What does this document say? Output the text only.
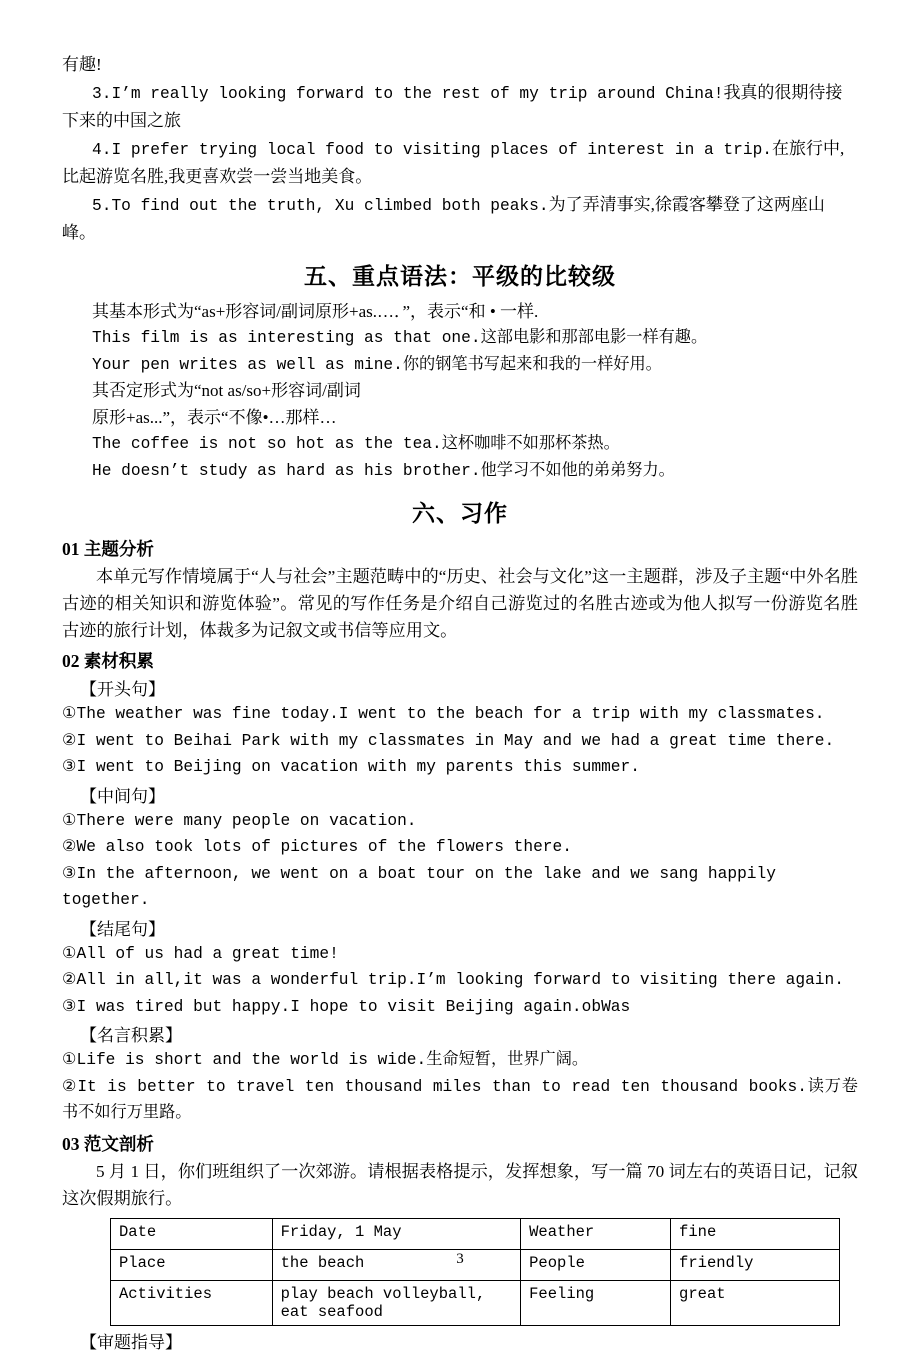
有趣!

3.I’m really looking forward to the rest of my trip around China!我真的很期待接下来的中国之旅

4.I prefer trying local food to visiting places of interest in a trip.在旅行中,比起游览名胜,我更喜欢尝一尝当地美食。

5.To find out the truth, Xu climbed both peaks.为了弄清事实,徐霞客攀登了这两座山峰。

五、重点语法：平级的比较级

其基本形式为“as+形容词/副词原形+as.…．”，表示“和 • 一样.

This film is as interesting as that one.这部电影和那部电影一样有趣。

Your pen writes as well as mine.你的钢笔书写起来和我的一样好用。

其否定形式为“not as/so+形容词/副词

原形+as...”，表示“不像•…那样…

The coffee is not so hot as the tea.这杯咖啡不如那杯茶热。

He doesn’t study as hard as his brother.他学习不如他的弟弟努力。

六、习作

01 主题分析

本单元写作情境属于“人与社会”主题范畴中的“历史、社会与文化”这一主题群，涉及子主题“中外名胜古迹的相关知识和游览体验”。常见的写作任务是介绍自己游览过的名胜古迹或为他人拟写一份游览名胜古迹的旅行计划，体裁多为记叙文或书信等应用文。

02 素材积累

【开头句】

①The weather was fine today.I went to the beach for a trip with my classmates.

②I went to Beihai Park with my classmates in May and we had a great time there.

③I went to Beijing on vacation with my parents this summer.

【中间句】

①There were many people on vacation.

②We also took lots of pictures of the flowers there.

③In the afternoon, we went on a boat tour on the lake and we sang happily together.

【结尾句】

①All of us had a great time!

②All in all,it was a wonderful trip.I’m looking forward to visiting there again.

③I was tired but happy.I hope to visit Beijing again.obWas

【名言积累】

①Life is short and the world is wide.生命短暂，世界广阔。

②It is better to travel ten thousand miles than to read ten thousand books.读万卷书不如行万里路。

03 范文剖析

5 月 1 日，你们班组织了一次郊游。请根据表格提示，发挥想象，写一篇 70 词左右的英语日记，记叙这次假期旅行。

Date	Friday, 1 May	Weather	fine
Place	the beach	People	friendly
Activities	play beach volleyball, eat seafood	Feeling	great

【审题指导】

3
